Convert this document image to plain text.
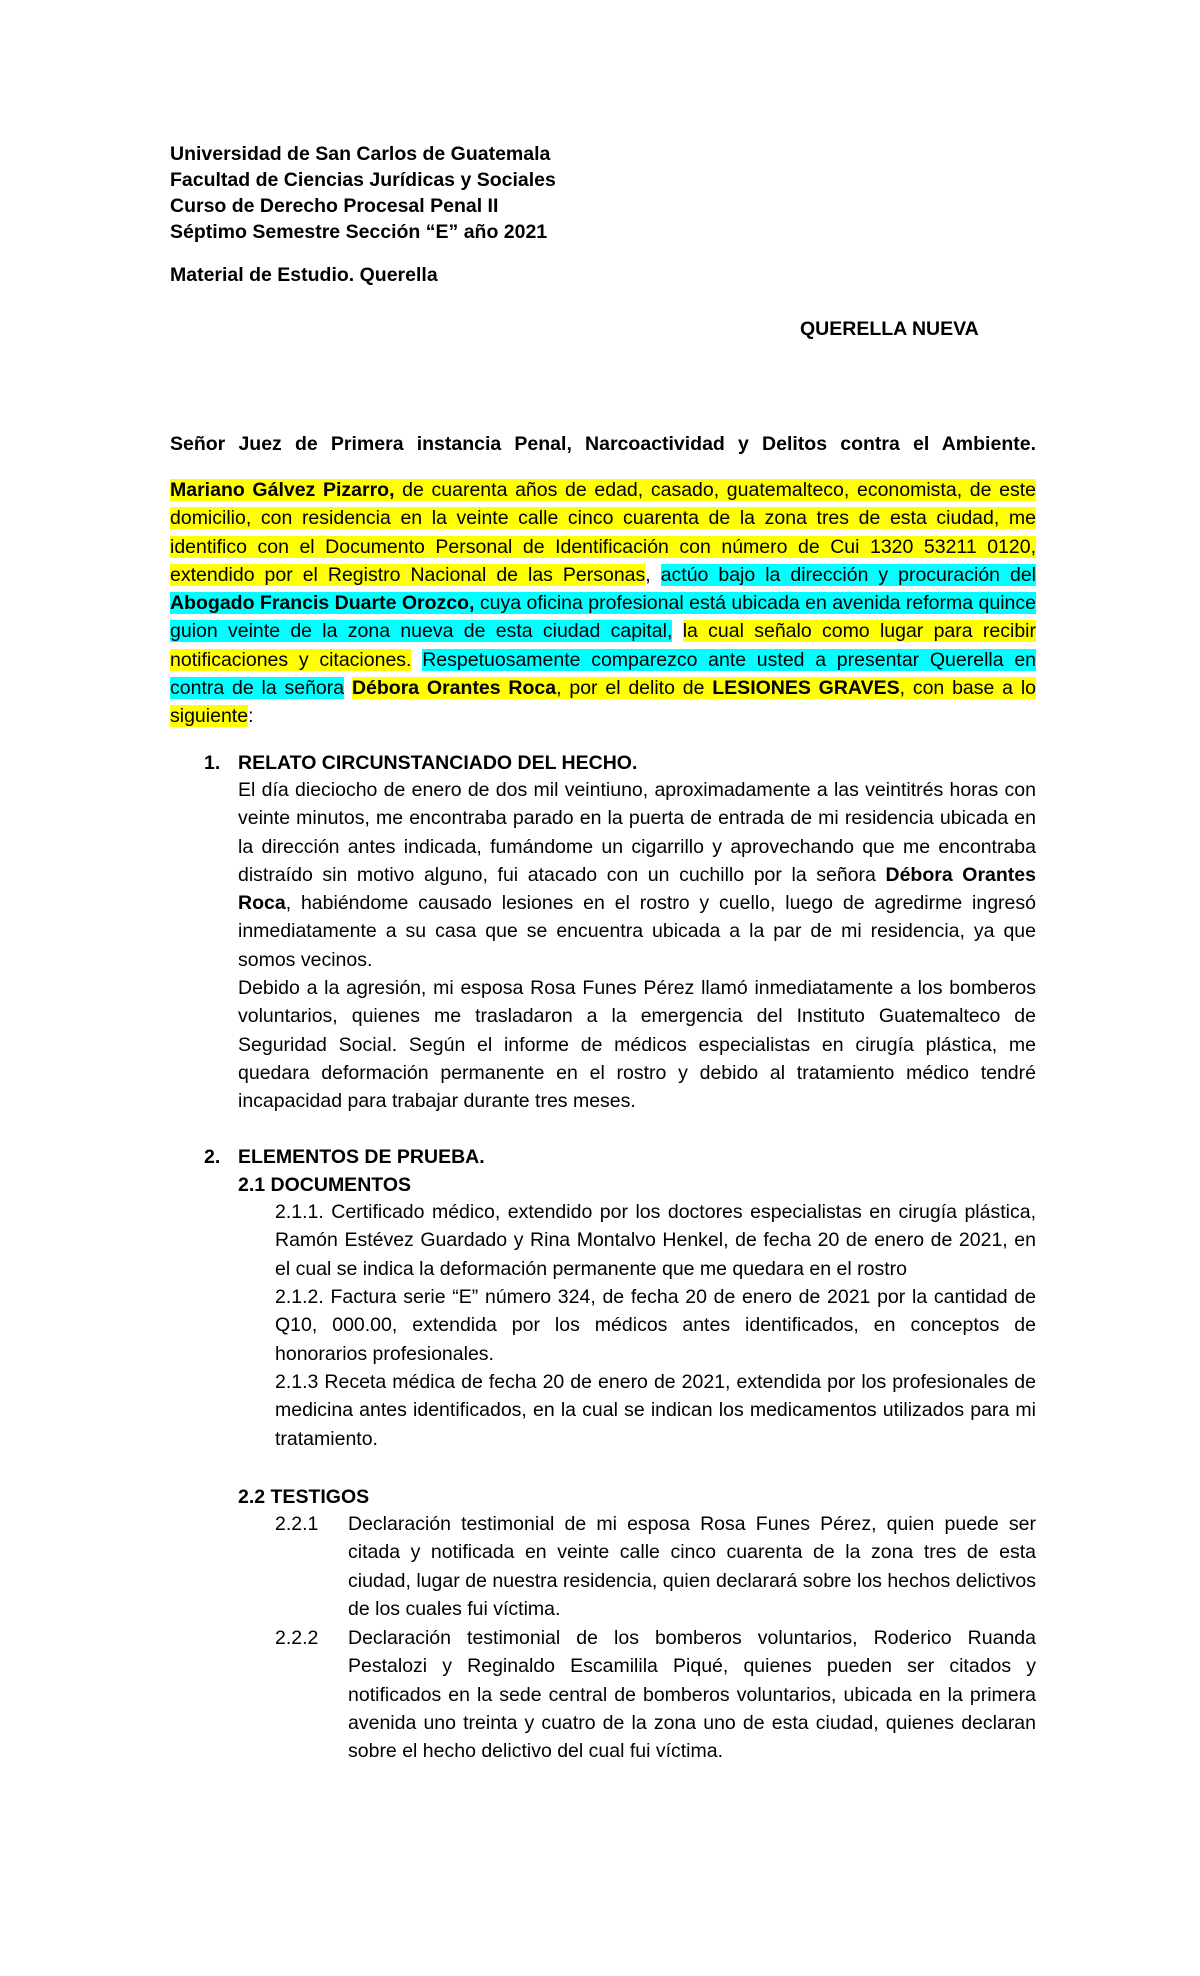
Universidad de San Carlos de Guatemala
Facultad de Ciencias Jurídicas y Sociales
Curso de Derecho Procesal Penal II
Séptimo Semestre Sección “E” año 2021
Material de Estudio. Querella
QUERELLA NUEVA
Señor Juez de Primera instancia Penal, Narcoactividad y Delitos contra el Ambiente.
Mariano Gálvez Pizarro, de cuarenta años de edad, casado, guatemalteco, economista, de este domicilio, con residencia en la veinte calle cinco cuarenta de la zona tres de esta ciudad, me identifico con el Documento Personal de Identificación con número de Cui 1320 53211 0120, extendido por el Registro Nacional de las Personas, actúo bajo la dirección y procuración del Abogado Francis Duarte Orozco, cuya oficina profesional está ubicada en avenida reforma quince guion veinte de la zona nueva de esta ciudad capital, la cual señalo como lugar para recibir notificaciones y citaciones. Respetuosamente comparezco ante usted a presentar Querella en contra de la señora Débora Orantes Roca, por el delito de LESIONES GRAVES, con base a lo siguiente:
1. RELATO CIRCUNSTANCIADO DEL HECHO.
El día dieciocho de enero de dos mil veintiuno, aproximadamente a las veintitrés horas con veinte minutos, me encontraba parado en la puerta de entrada de mi residencia ubicada en la dirección antes indicada, fumándome un cigarrillo y aprovechando que me encontraba distraído sin motivo alguno, fui atacado con un cuchillo por la señora Débora Orantes Roca, habiéndome causado lesiones en el rostro y cuello, luego de agredirme ingresó inmediatamente a su casa que se encuentra ubicada a la par de mi residencia, ya que somos vecinos.
Debido a la agresión, mi esposa Rosa Funes Pérez llamó inmediatamente a los bomberos voluntarios, quienes me trasladaron a la emergencia del Instituto Guatemalteco de Seguridad Social. Según el informe de médicos especialistas en cirugía plástica, me quedara deformación permanente en el rostro y debido al tratamiento médico tendré incapacidad para trabajar durante tres meses.
2. ELEMENTOS DE PRUEBA.
2.1 DOCUMENTOS
2.1.1. Certificado médico, extendido por los doctores especialistas en cirugía plástica, Ramón Estévez Guardado y Rina Montalvo Henkel, de fecha 20 de enero de 2021, en el cual se indica la deformación permanente que me quedara en el rostro
2.1.2. Factura serie “E” número 324, de fecha 20 de enero de 2021 por la cantidad de Q10, 000.00, extendida por los médicos antes identificados, en conceptos de honorarios profesionales.
2.1.3 Receta médica de fecha 20 de enero de 2021, extendida por los profesionales de medicina antes identificados, en la cual se indican los medicamentos utilizados para mi tratamiento.
2.2 TESTIGOS
2.2.1	Declaración testimonial de mi esposa Rosa Funes Pérez, quien puede ser citada y notificada en veinte calle cinco cuarenta de la zona tres de esta ciudad, lugar de nuestra residencia, quien declarará sobre los hechos delictivos de los cuales fui víctima.
2.2.2	Declaración testimonial de los bomberos voluntarios, Roderico Ruanda Pestalozi y Reginaldo Escamilila Piqué, quienes pueden ser citados y notificados en la sede central de bomberos voluntarios, ubicada en la primera avenida uno treinta y cuatro de la zona uno de esta ciudad, quienes declaran sobre el hecho delictivo del cual fui víctima.
